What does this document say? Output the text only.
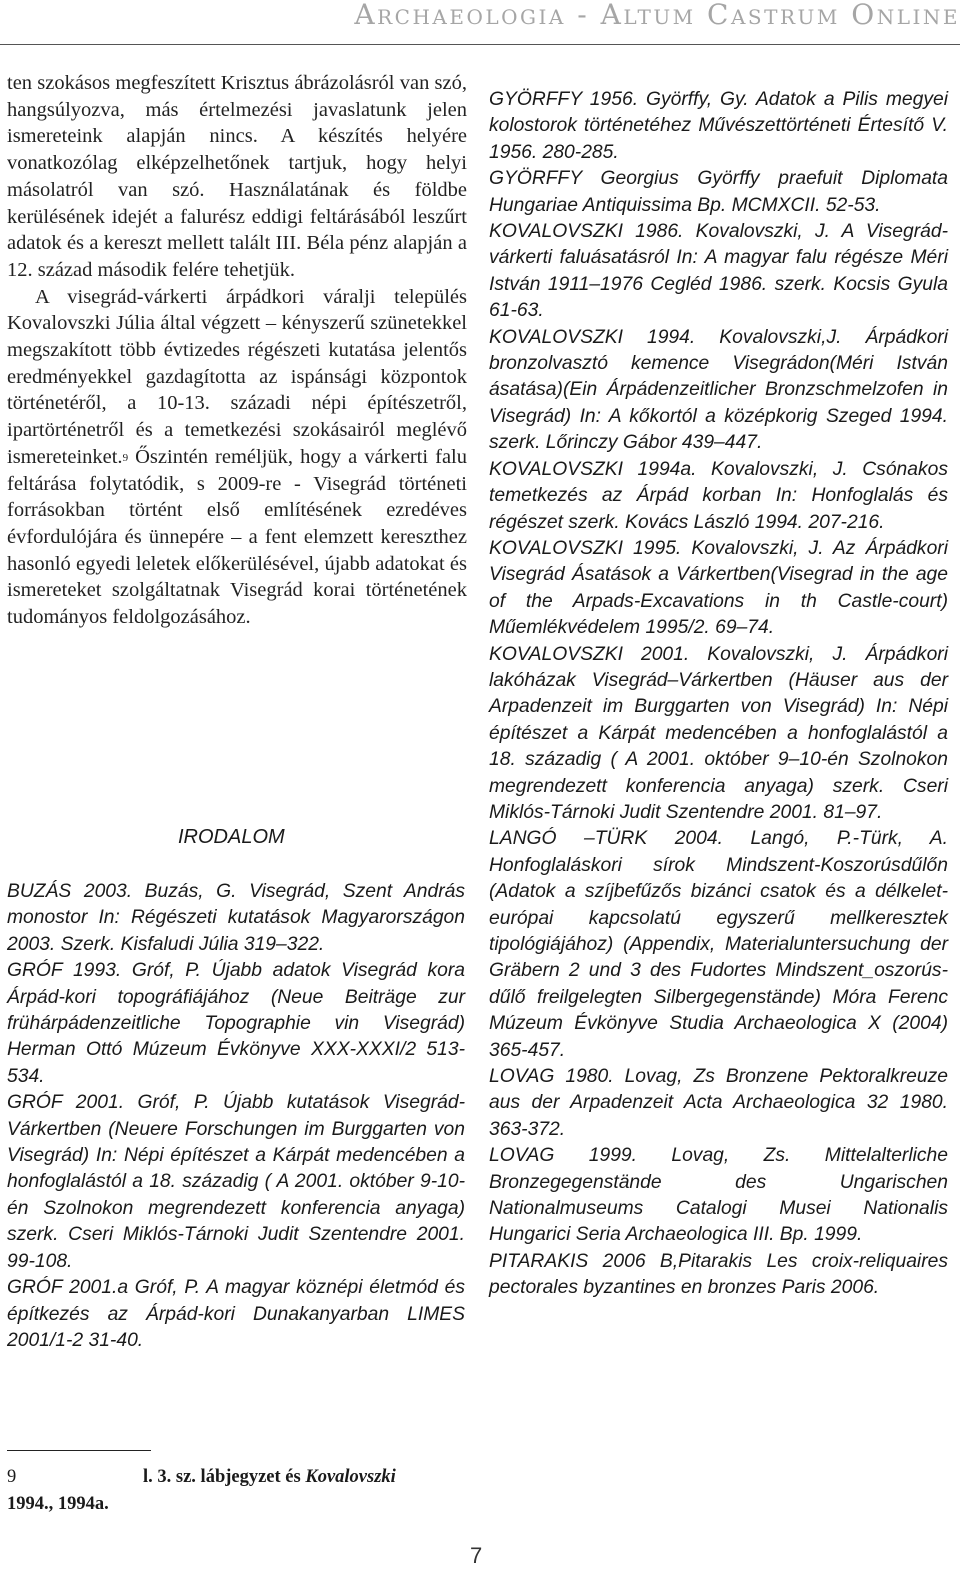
Archaeologia - Altum Castrum Online

ten szokásos megfeszített Krisztus ábrázolásról van szó, hangsúlyozva, más értelmezési javaslatunk jelen ismereteink alapján nincs. A készítés helyére vonatkozólag elképzelhetőnek tartjuk, hogy helyi másolatról van szó. Használatának és földbe kerülésének idejét a falurész eddigi feltárásából leszűrt adatok és a kereszt mellett talált III. Béla pénz alapján a 12. század második felére tehetjük.

A visegrád-várkerti árpádkori váralji település Kovalovszki Júlia által végzett – kényszerű szünetekkel megszakított több évtizedes régészeti kutatása jelentős eredményekkel gazdagította az ispánsági központok történetéről, a 10-13. századi népi építészetről, ipartörténetről és a temetkezési szokásairól meglévő ismereteinket.$^9$ Őszintén reméljük, hogy a várkerti falu feltárása folytatódik, s 2009-re - Visegrád történeti forrásokban történt első említésének ezredéves évfordulójára és ünnepére – a fent elemzett kereszthez hasonló egyedi leletek előkerülésével, újabb adatokat és ismereteket szolgáltatnak Visegrád korai történetének tudományos feldolgozásához.

IRODALOM

BUZÁS 2003. Buzás, G. Visegrád, Szent András monostor In: Régészeti kutatások Magyarországon 2003. Szerk. Kisfaludi Júlia 319–322.

GRÓF 1993. Gróf, P. Újabb adatok Visegrád kora Árpád-kori topográfiájához (Neue Beiträge zur frühárpádenzeitliche Topographie vin Visegrád) Herman Ottó Múzeum Évkönyve XXX-XXXI/2 513-534.

GRÓF 2001. Gróf, P. Újabb kutatások Visegrád-Várkertben (Neuere Forschungen im Burggarten von Visegrád) In: Népi építészet a Kárpát medencében a honfoglalástól a 18. századig ( A 2001. október 9-10-én Szolnokon megrendezett konferencia anyaga) szerk. Cseri Miklós-Tárnoki Judit Szentendre 2001. 99-108.

GRÓF 2001.a Gróf, P. A magyar köznépi életmód és építkezés az Árpád-kori Dunakanyarban LIMES 2001/1-2 31-40.

9	l. 3. sz. lábjegyzet és Kovalovszki
1994., 1994a.

GYÖRFFY 1956. Györffy, Gy. Adatok a Pilis megyei kolostorok történetéhez Művészettörténeti Értesítő V. 1956. 280-285.

GYÖRFFY Georgius Györffy praefuit Diplomata Hungariae Antiquissima Bp. MCMXCII. 52-53.

KOVALOVSZKI 1986. Kovalovszki, J. A Visegrád-várkerti faluásatásról In: A magyar falu régésze Méri István 1911–1976 Cegléd 1986. szerk. Kocsis Gyula 61-63.

KOVALOVSZKI 1994. Kovalovszki,J. Árpádkori bronzolvasztó kemence Visegrádon(Méri István ásatása)(Ein Árpádenzeitlicher Bronzschmelzofen in Visegrád) In: A kőkortól a középkorig Szeged 1994. szerk. Lőrinczy Gábor 439–447.

KOVALOVSZKI 1994a. Kovalovszki, J. Csónakos temetkezés az Árpád korban In: Honfoglalás és régészet szerk. Kovács László 1994. 207-216.

KOVALOVSZKI 1995. Kovalovszki, J. Az Árpádkori Visegrád Ásatások a Várkertben(Visegrad in the age of the Arpads-Excavations in th Castle-court) Műemlékvédelem 1995/2. 69–74.

KOVALOVSZKI 2001. Kovalovszki, J. Árpádkori lakóházak Visegrád–Várkertben (Häuser aus der Arpadenzeit im Burggarten von Visegrád) In: Népi építészet a Kárpát medencében a honfoglalástól a 18. századig ( A 2001. október 9–10-én Szolnokon megrendezett konferencia anyaga) szerk. Cseri Miklós-Tárnoki Judit Szentendre 2001. 81–97.

LANGÓ –TÜRK 2004. Langó, P.-Türk, A. Honfoglaláskori sírok Mindszent-Koszorúsdűlőn (Adatok a szíjbefűzős bizánci csatok és a délkelet-európai kapcsolatú egyszerű mellkeresztek tipológiájához) (Appendix, Materialuntersuchung der Gräbern 2 und 3 des Fudortes Mindszent_oszorús-dűlő freilgelegten Silbergegenstände) Móra Ferenc Múzeum Évkönyve Studia Archaeologica X (2004) 365-457.

LOVAG 1980. Lovag, Zs Bronzene Pektoralkreuze aus der Arpadenzeit Acta Archaeologica 32 1980. 363-372.

LOVAG 1999. Lovag, Zs. Mittelalterliche Bronzegegenstände des Ungarischen Nationalmuseums Catalogi Musei Nationalis Hungarici Seria Archaeologica III. Bp. 1999.

PITARAKIS 2006 B,Pitarakis Les croix-reliquaires pectorales byzantines en bronzes Paris 2006.

7
